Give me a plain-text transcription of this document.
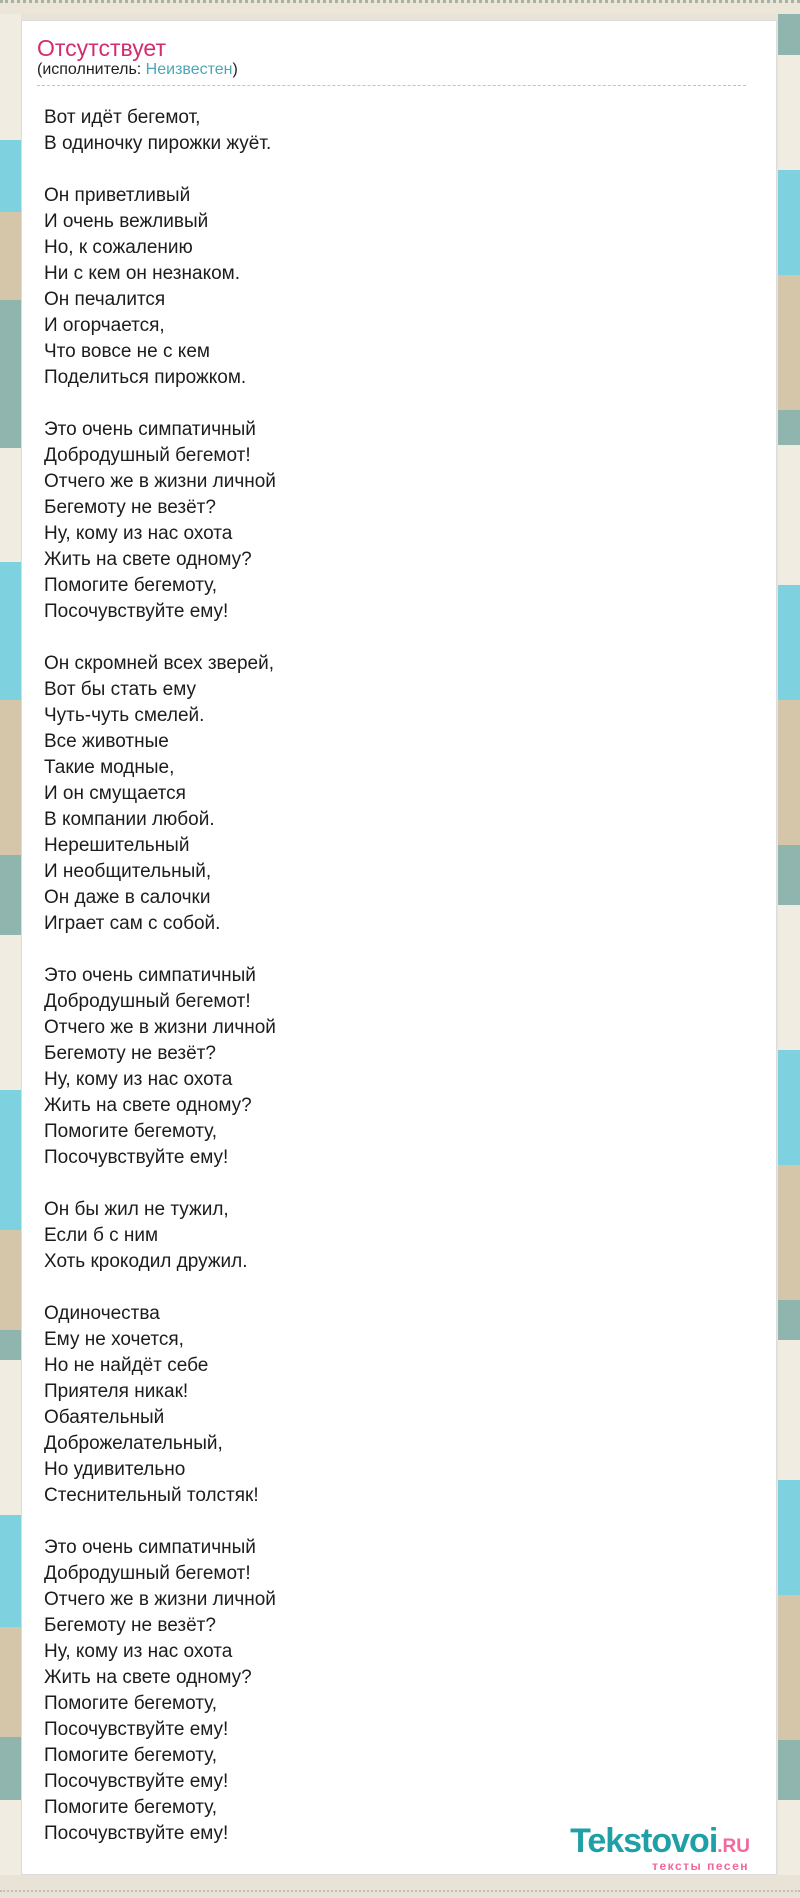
Отсутствует
(исполнитель: Неизвестен)

Вот идёт бегемот,
В одиночку пирожки жуёт.

Он приветливый
И очень вежливый
Но, к сожалению
Ни с кем он незнаком.
Он печалится
И огорчается,
Что вовсе не с кем
Поделиться пирожком.

Это очень симпатичный
Добродушный бегемот!
Отчего же в жизни личной
Бегемоту не везёт?
Ну, кому из нас охота
Жить на свете одному?
Помогите бегемоту,
Посочувствуйте ему!

Он скромней всех зверей,
Вот бы стать ему
Чуть-чуть смелей.
Все животные
Такие модные,
И он смущается
В компании любой.
Нерешительный
И необщительный,
Он даже в салочки
Играет сам с собой.

Это очень симпатичный
Добродушный бегемот!
Отчего же в жизни личной
Бегемоту не везёт?
Ну, кому из нас охота
Жить на свете одному?
Помогите бегемоту,
Посочувствуйте ему!

Он бы жил не тужил,
Если б с ним
Хоть крокодил дружил.

Одиночества
Ему не хочется,
Но не найдёт себе
Приятеля никак!
Обаятельный
Доброжелательный,
Но удивительно
Стеснительный толстяк!

Это очень симпатичный
Добродушный бегемот!
Отчего же в жизни личной
Бегемоту не везёт?
Ну, кому из нас охота
Жить на свете одному?
Помогите бегемоту,
Посочувствуйте ему!
Помогите бегемоту,
Посочувствуйте ему!
Помогите бегемоту,
Посочувствуйте ему!	Tekstovoi.RU
тексты песен
